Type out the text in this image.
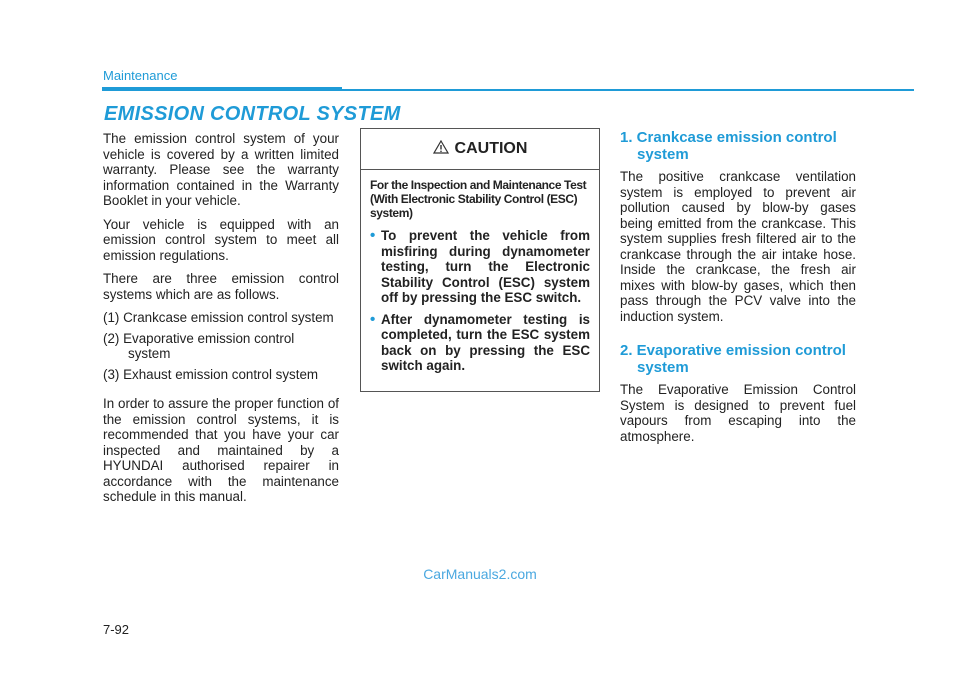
Maintenance
EMISSION CONTROL SYSTEM

The emission control system of your vehicle is covered by a written limited warranty. Please see the warranty information contained in the Warranty Booklet in your vehicle.

Your vehicle is equipped with an emission control system to meet all emission regulations.

There are three emission control systems which are as follows.

(1) Crankcase emission control system
(2) Evaporative emission control system
(3) Exhaust emission control system

In order to assure the proper function of the emission control systems, it is recommended that you have your car inspected and maintained by a HYUNDAI authorised repairer in accordance with the maintenance schedule in this manual.

CAUTION
For the Inspection and Maintenance Test (With Electronic Stability Control (ESC) system)
• To prevent the vehicle from misfiring during dynamometer testing, turn the Electronic Stability Control (ESC) system off by pressing the ESC switch.
• After dynamometer testing is completed, turn the ESC system back on by pressing the ESC switch again.
1. Crankcase emission control system

The positive crankcase ventilation system is employed to prevent air pollution caused by blow-by gases being emitted from the crankcase. This system supplies fresh filtered air to the crankcase through the air intake hose. Inside the crankcase, the fresh air mixes with blow-by gases, which then pass through the PCV valve into the induction system.

2. Evaporative emission control system

The Evaporative Emission Control System is designed to prevent fuel vapours from escaping into the atmosphere.

CarManuals2.com
7-92
